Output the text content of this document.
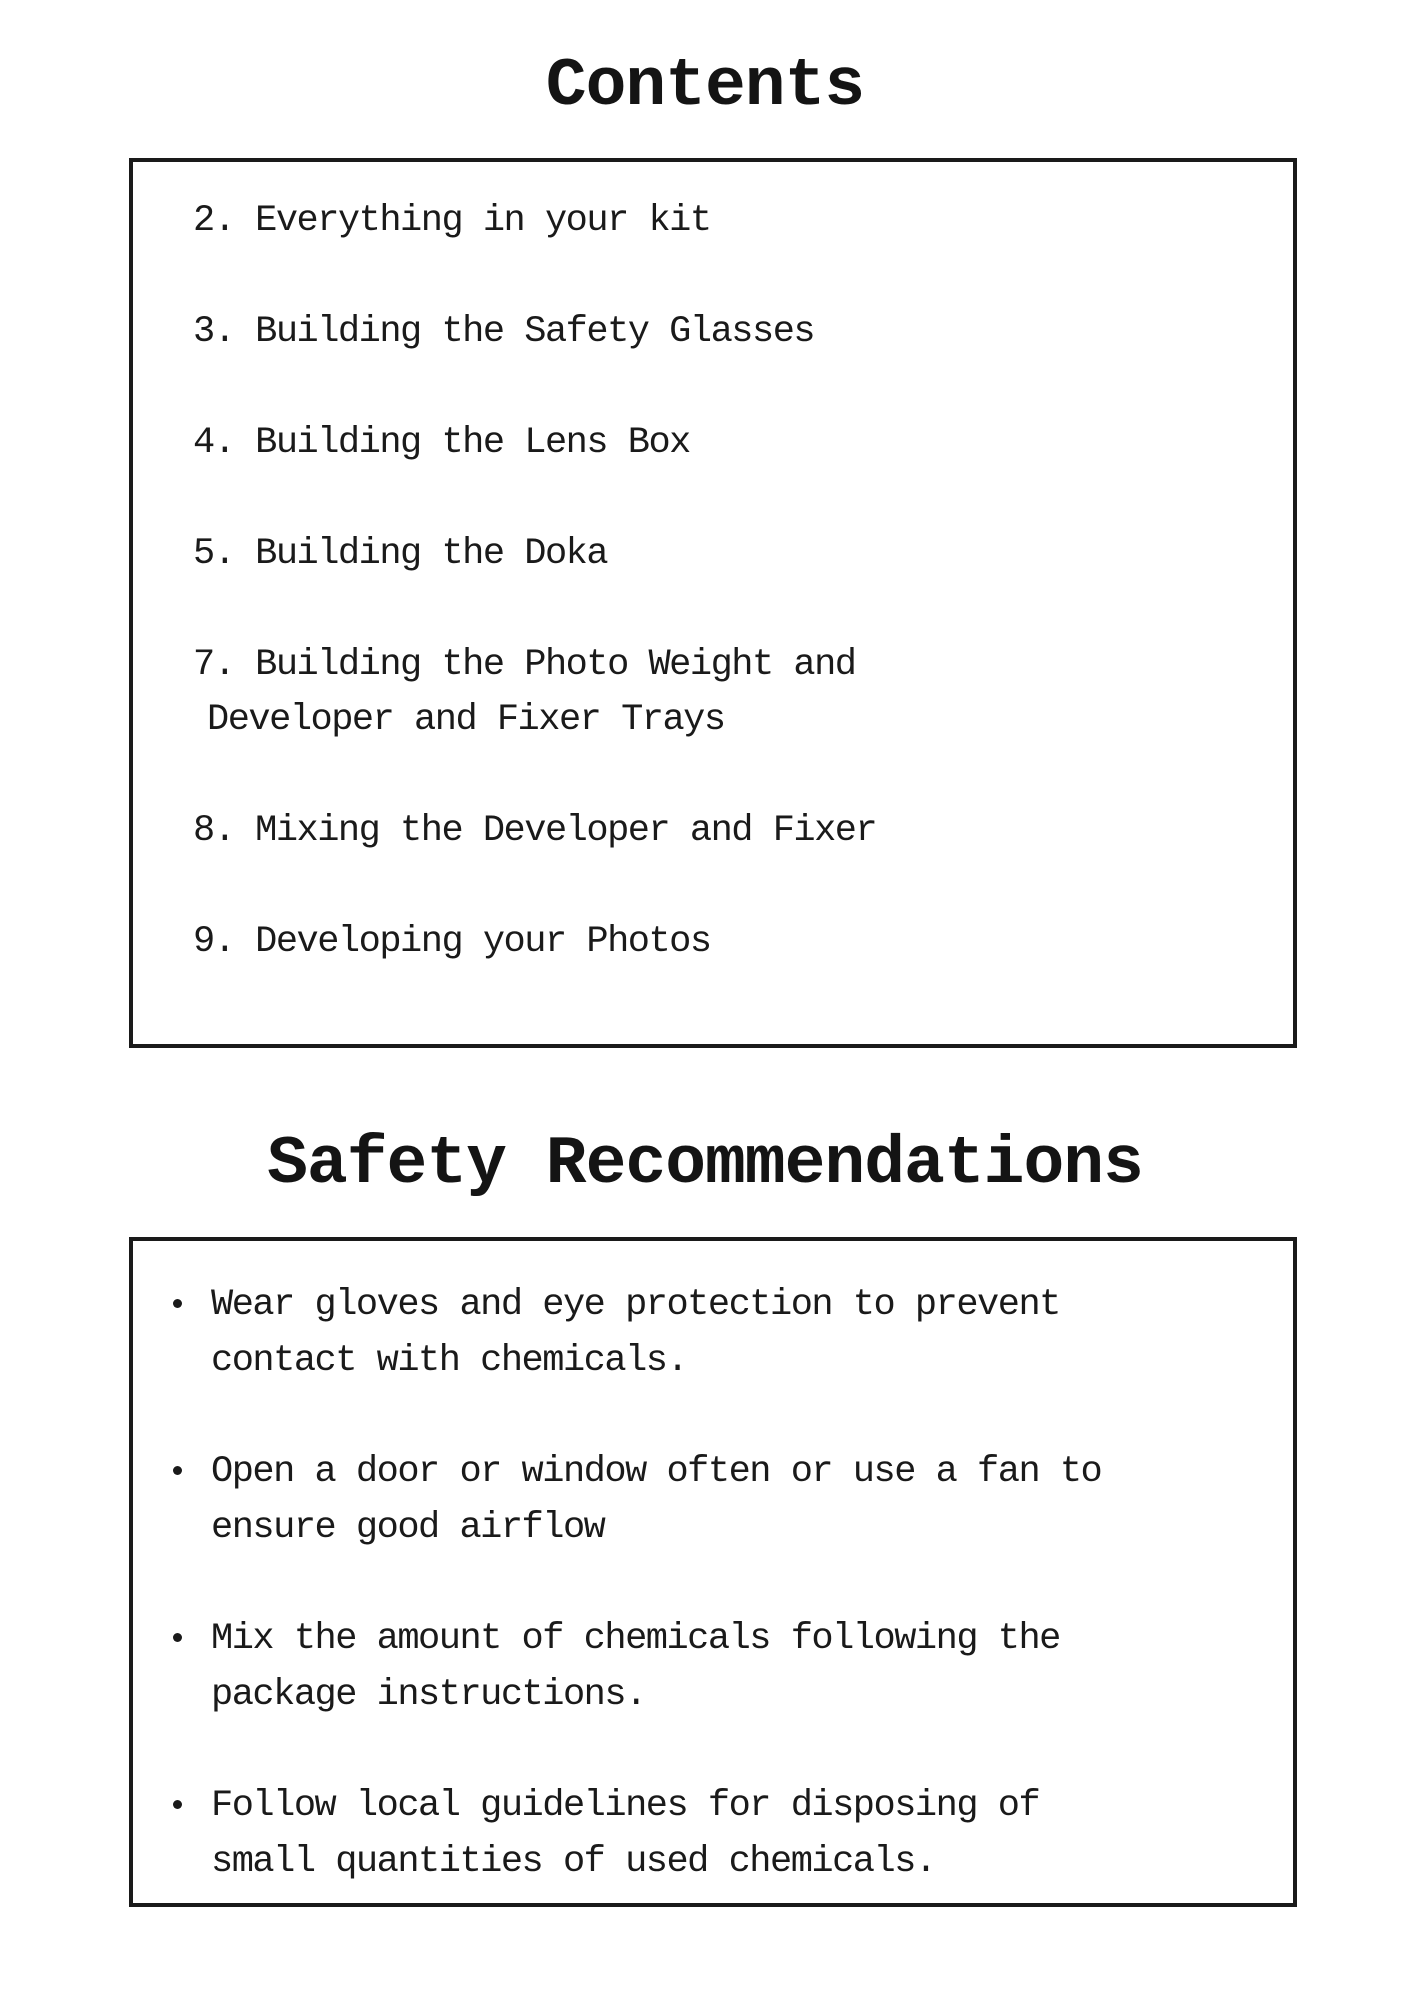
Contents
2. Everything in your kit
3. Building the Safety Glasses
4. Building the Lens Box
5. Building the Doka
7. Building the Photo Weight and
Developer and Fixer Trays
8. Mixing the Developer and Fixer
9. Developing your Photos
Safety Recommendations
Wear gloves and eye protection to prevent
contact with chemicals.
Open a door or window often or use a fan to
ensure good airflow
Mix the amount of chemicals following the
package instructions.
Follow local guidelines for disposing of
small quantities of used chemicals.
